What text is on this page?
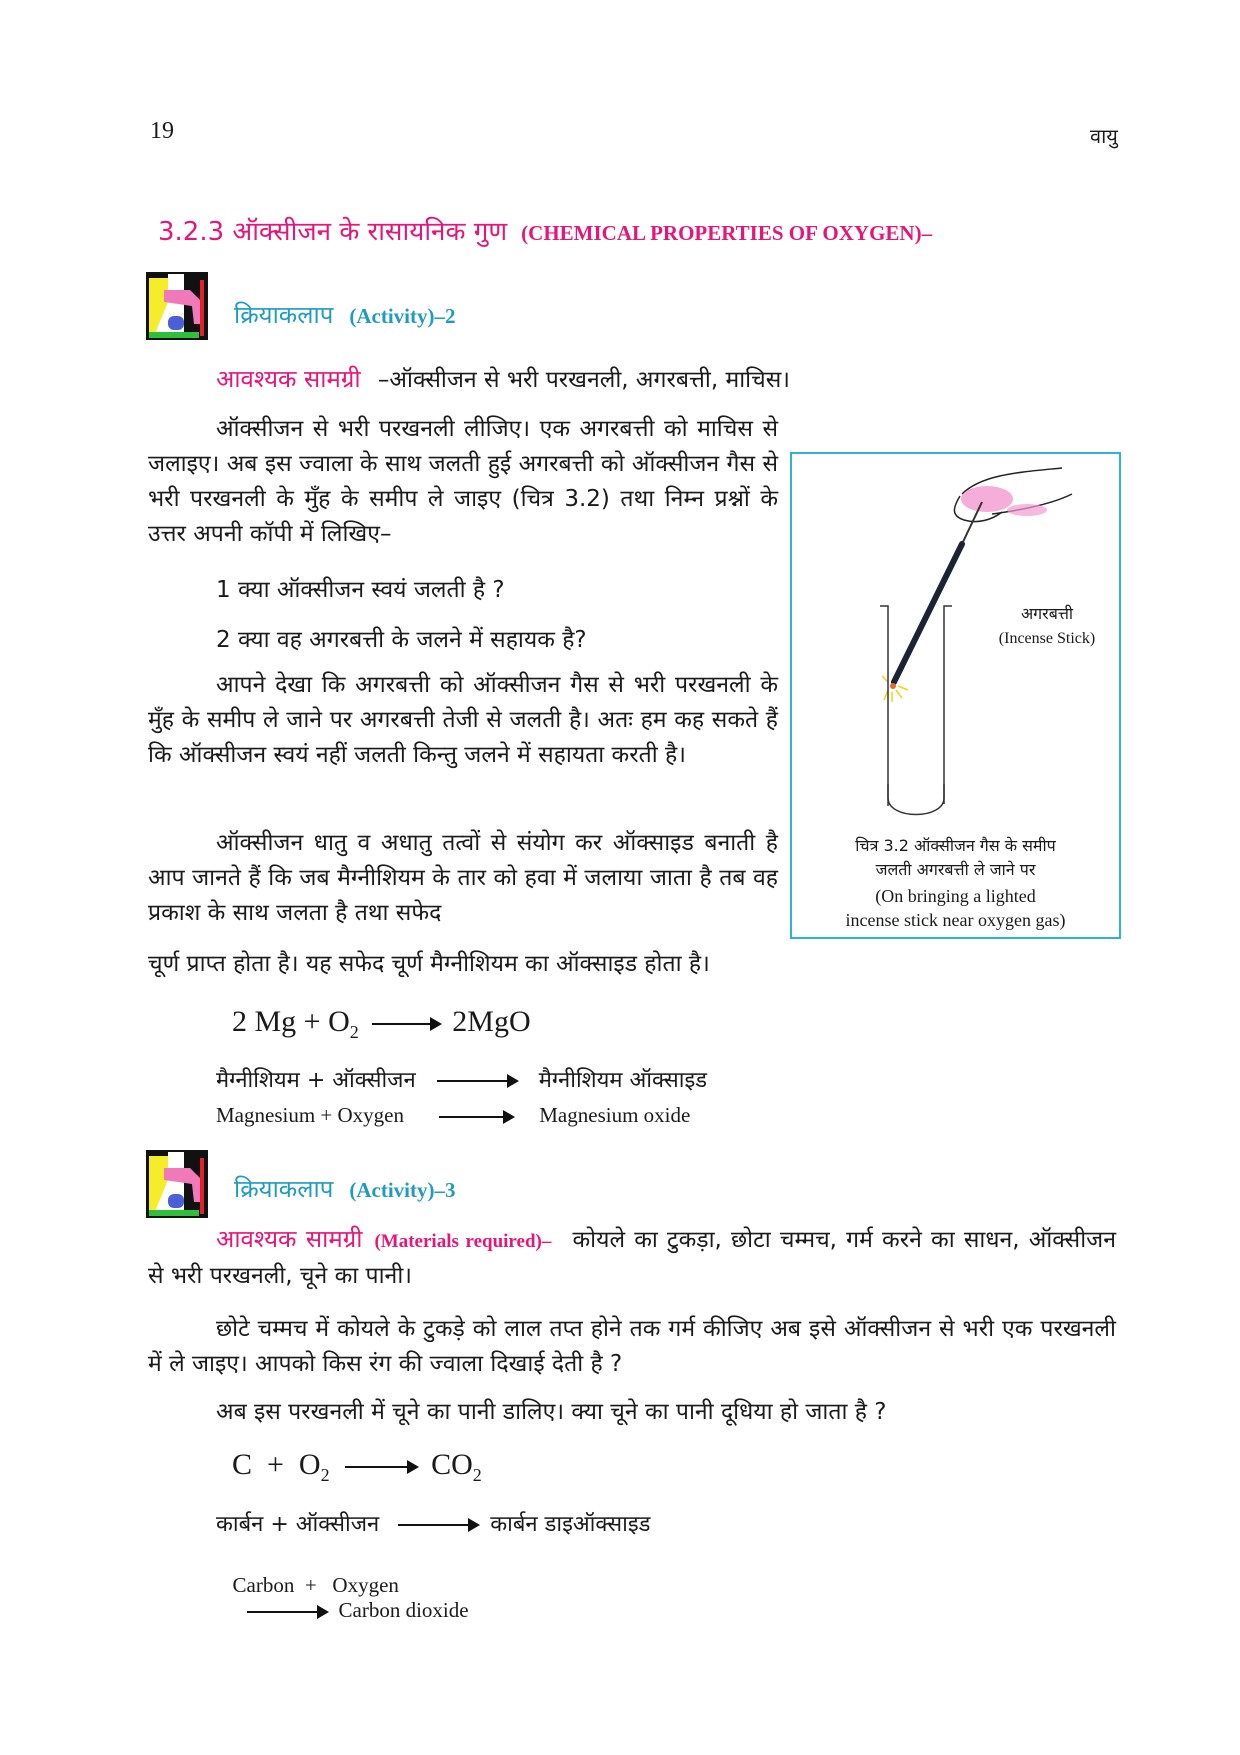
19	वायु
3.2.3 ऑक्सीजन के रासायनिक गुण (CHEMICAL PROPERTIES OF OXYGEN)–
क्रियाकलाप (Activity)–2
आवश्यक सामग्री –ऑक्सीजन से भरी परखनली, अगरबत्ती, माचिस।
ऑक्सीजन से भरी परखनली लीजिए। एक अगरबत्ती को माचिस से जलाइए। अब इस ज्वाला के साथ जलती हुई अगरबत्ती को ऑक्सीजन गैस से भरी परखनली के मुँह के समीप ले जाइए (चित्र 3.2) तथा निम्न प्रश्नों के उत्तर अपनी कॉपी में लिखिए–
1 क्या ऑक्सीजन स्वयं जलती है ?
2 क्या वह अगरबत्ती के जलने में सहायक है?
आपने देखा कि अगरबत्ती को ऑक्सीजन गैस से भरी परखनली के मुँह के समीप ले जाने पर अगरबत्ती तेजी से जलती है। अतः हम कह सकते हैं कि ऑक्सीजन स्वयं नहीं जलती किन्तु जलने में सहायता करती है।
ऑक्सीजन धातु व अधातु तत्वों से संयोग कर ऑक्साइड बनाती है आप जानते हैं कि जब मैग्नीशियम के तार को हवा में जलाया जाता है तब वह प्रकाश के साथ जलता है तथा सफेद
चूर्ण प्राप्त होता है। यह सफेद चूर्ण मैग्नीशियम का ऑक्साइड होता है।
अगरबत्ती
(Incense Stick)
चित्र 3.2 ऑक्सीजन गैस के समीप
जलती अगरबत्ती ले जाने पर
(On bringing a lighted
incense stick near oxygen gas)
2 $Mg + O_2 \to 2MgO$
मैग्नीशियम + ऑक्सीजन → मैग्नीशियम ऑक्साइड
Magnesium + Oxygen → Magnesium oxide
क्रियाकलाप (Activity)–3
आवश्यक सामग्री (Materials required)– कोयले का टुकड़ा, छोटा चम्मच, गर्म करने का साधन, ऑक्सीजन से भरी परखनली, चूने का पानी।
छोटे चम्मच में कोयले के टुकड़े को लाल तप्त होने तक गर्म कीजिए अब इसे ऑक्सीजन से भरी एक परखनली में ले जाइए। आपको किस रंग की ज्वाला दिखाई देती है ?
अब इस परखनली में चूने का पानी डालिए। क्या चूने का पानी दूधिया हो जाता है ?
$C + O_2 \to CO_2$
कार्बन + ऑक्सीजन → कार्बन डाइऑक्साइड

Carbon  +   Oxygen
→ Carbon dioxide
